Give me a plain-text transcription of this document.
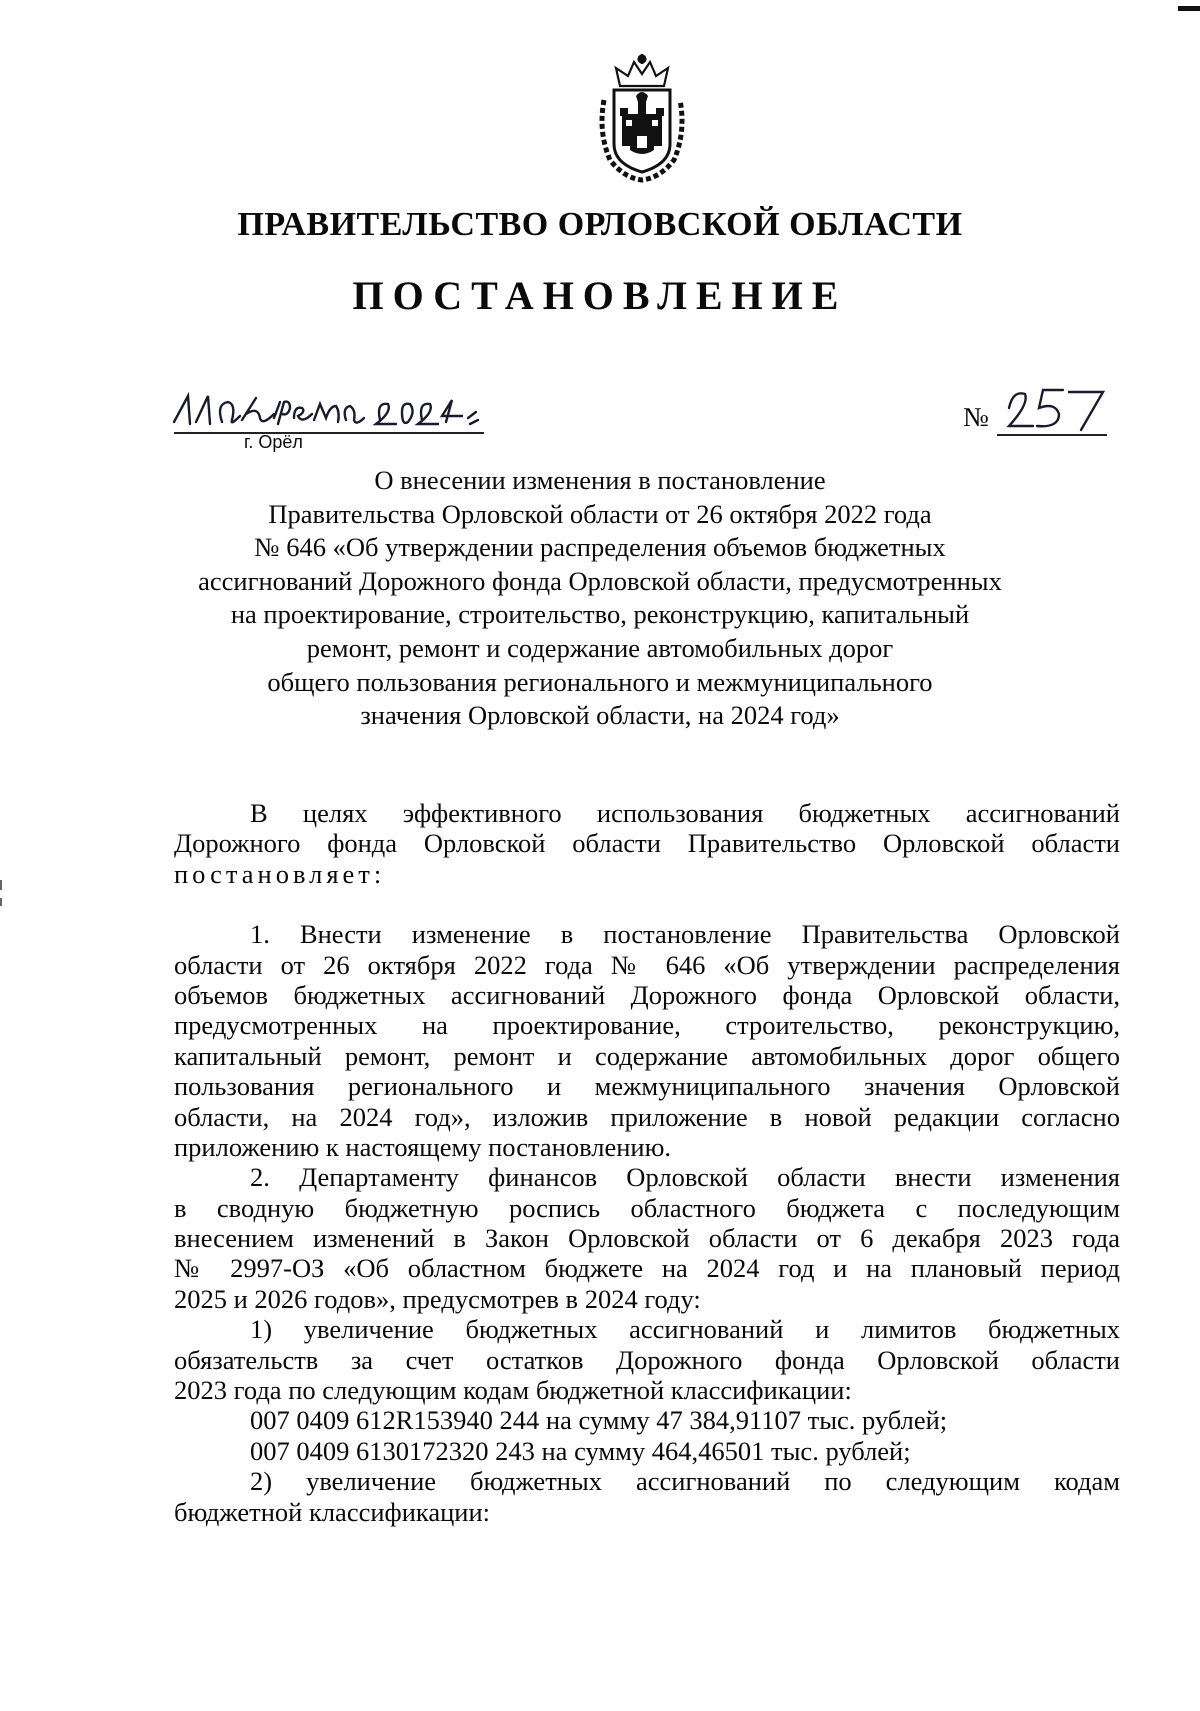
ПРАВИТЕЛЬСТВО ОРЛОВСКОЙ ОБЛАСТИ
ПОСТАНОВЛЕНИЕ
г. Орёл
№
О внесении изменения в постановление
Правительства Орловской области от 26 октября 2022 года
№ 646 «Об утверждении распределения объемов бюджетных
ассигнований Дорожного фонда Орловской области, предусмотренных
на проектирование, строительство, реконструкцию, капитальный
ремонт, ремонт и содержание автомобильных дорог
общего пользования регионального и межмуниципального
значения Орловской области, на 2024 год»
В целях эффективного использования бюджетных ассигнований
Дорожного фонда Орловской области Правительство Орловской области
постановляет:
1. Внести изменение в постановление Правительства Орловской
области от 26 октября 2022 года № 646 «Об утверждении распределения
объемов бюджетных ассигнований Дорожного фонда Орловской области,
предусмотренных на проектирование, строительство, реконструкцию,
капитальный ремонт, ремонт и содержание автомобильных дорог общего
пользования регионального и межмуниципального значения Орловской
области, на 2024 год», изложив приложение в новой редакции согласно
приложению к настоящему постановлению.
2. Департаменту финансов Орловской области внести изменения
в сводную бюджетную роспись областного бюджета с последующим
внесением изменений в Закон Орловской области от 6 декабря 2023 года
№ 2997-ОЗ «Об областном бюджете на 2024 год и на плановый период
2025 и 2026 годов», предусмотрев в 2024 году:
1) увеличение бюджетных ассигнований и лимитов бюджетных
обязательств за счет остатков Дорожного фонда Орловской области
2023 года по следующим кодам бюджетной классификации:
007 0409 612R153940 244 на сумму 47 384,91107 тыс. рублей;
007 0409 6130172320 243 на сумму 464,46501 тыс. рублей;
2) увеличение бюджетных ассигнований по следующим кодам
бюджетной классификации:
